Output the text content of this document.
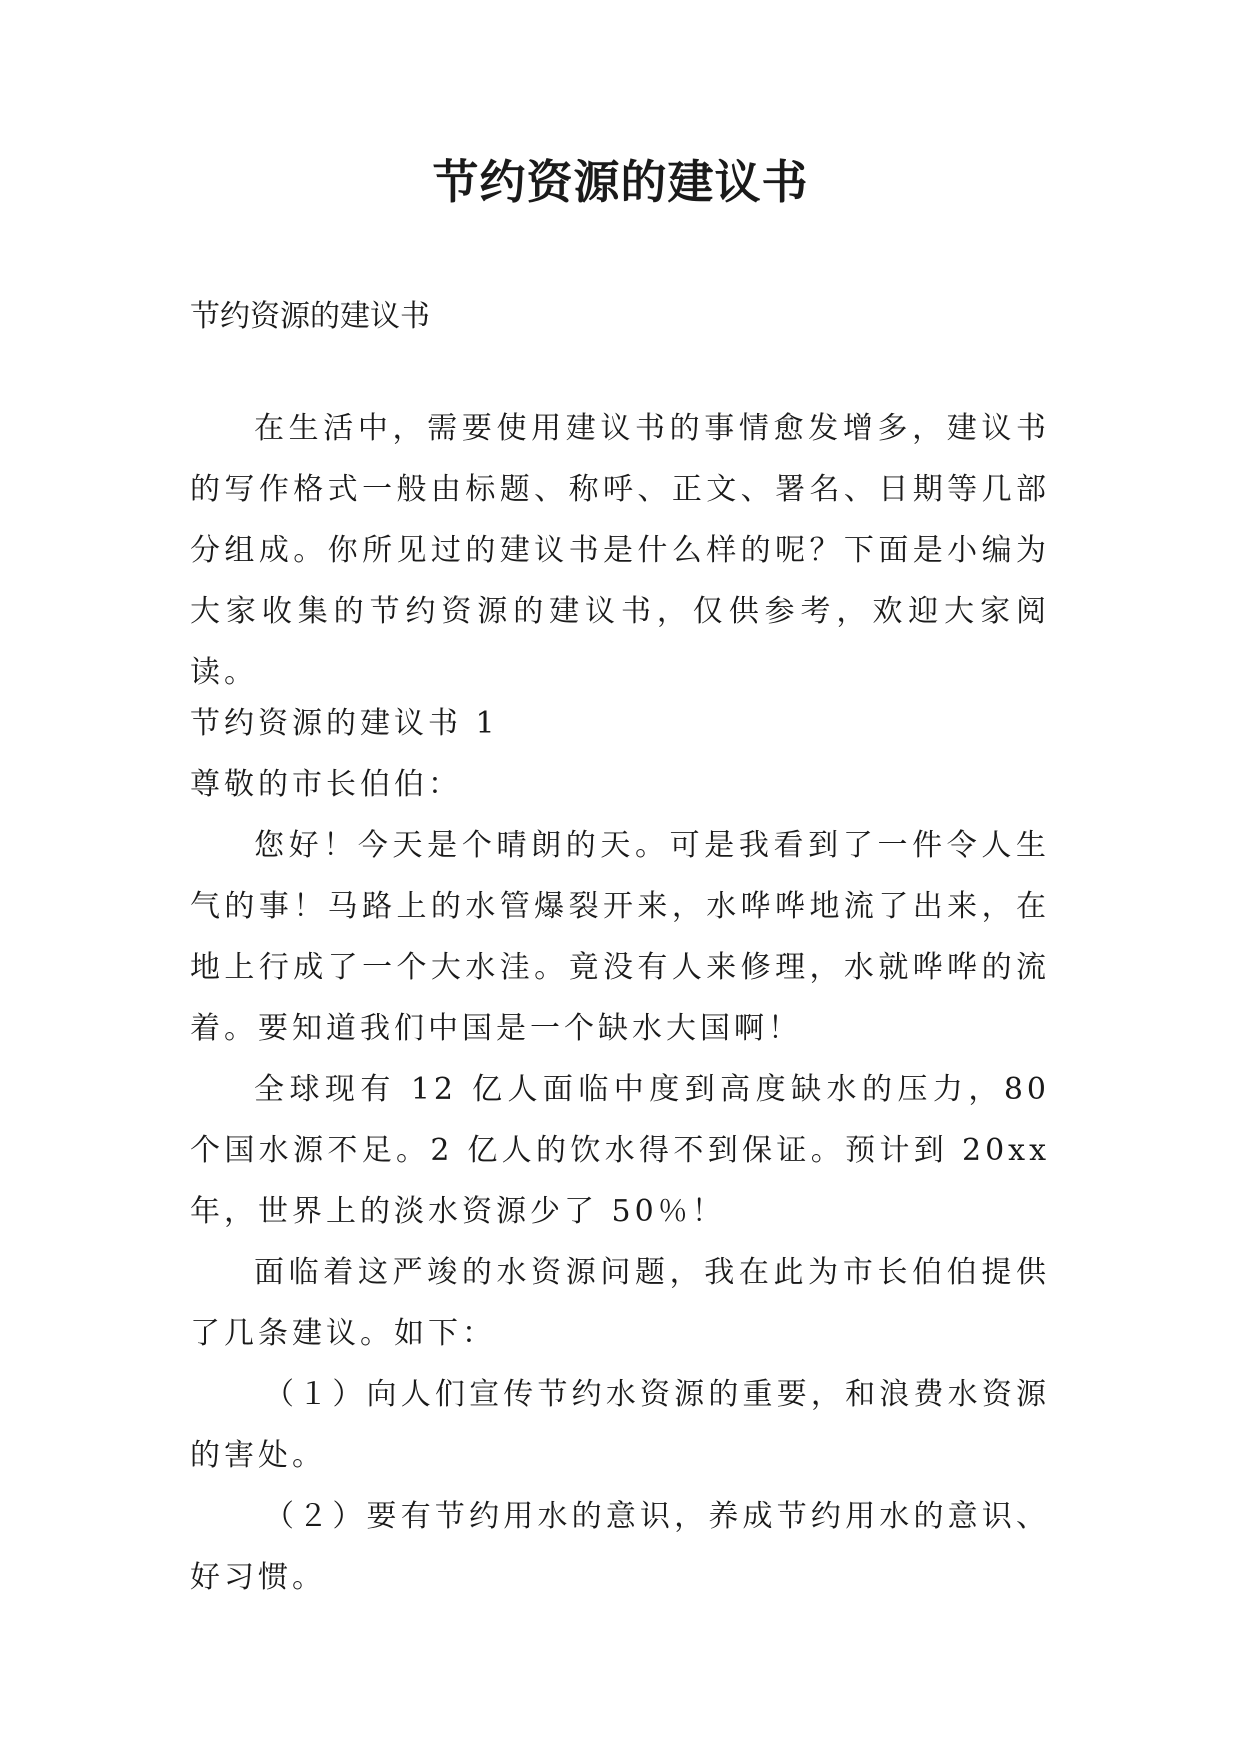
节约资源的建议书
节约资源的建议书

在生活中，需要使用建议书的事情愈发增多，建议书的写作格式一般由标题、称呼、正文、署名、日期等几部分组成。你所见过的建议书是什么样的呢？下面是小编为大家收集的节约资源的建议书，仅供参考，欢迎大家阅读。

节约资源的建议书 1

尊敬的市长伯伯：

您好！今天是个晴朗的天。可是我看到了一件令人生气的事！马路上的水管爆裂开来，水哗哗地流了出来，在地上行成了一个大水洼。竟没有人来修理，水就哗哗的流着。要知道我们中国是一个缺水大国啊！

全球现有 12 亿人面临中度到高度缺水的压力，80 个国水源不足。2 亿人的饮水得不到保证。预计到 20xx 年，世界上的淡水资源少了 50％！

面临着这严竣的水资源问题，我在此为市长伯伯提供了几条建议。如下：

（１）向人们宣传节约水资源的重要，和浪费水资源的害处。

（２）要有节约用水的意识，养成节约用水的意识、好习惯。
